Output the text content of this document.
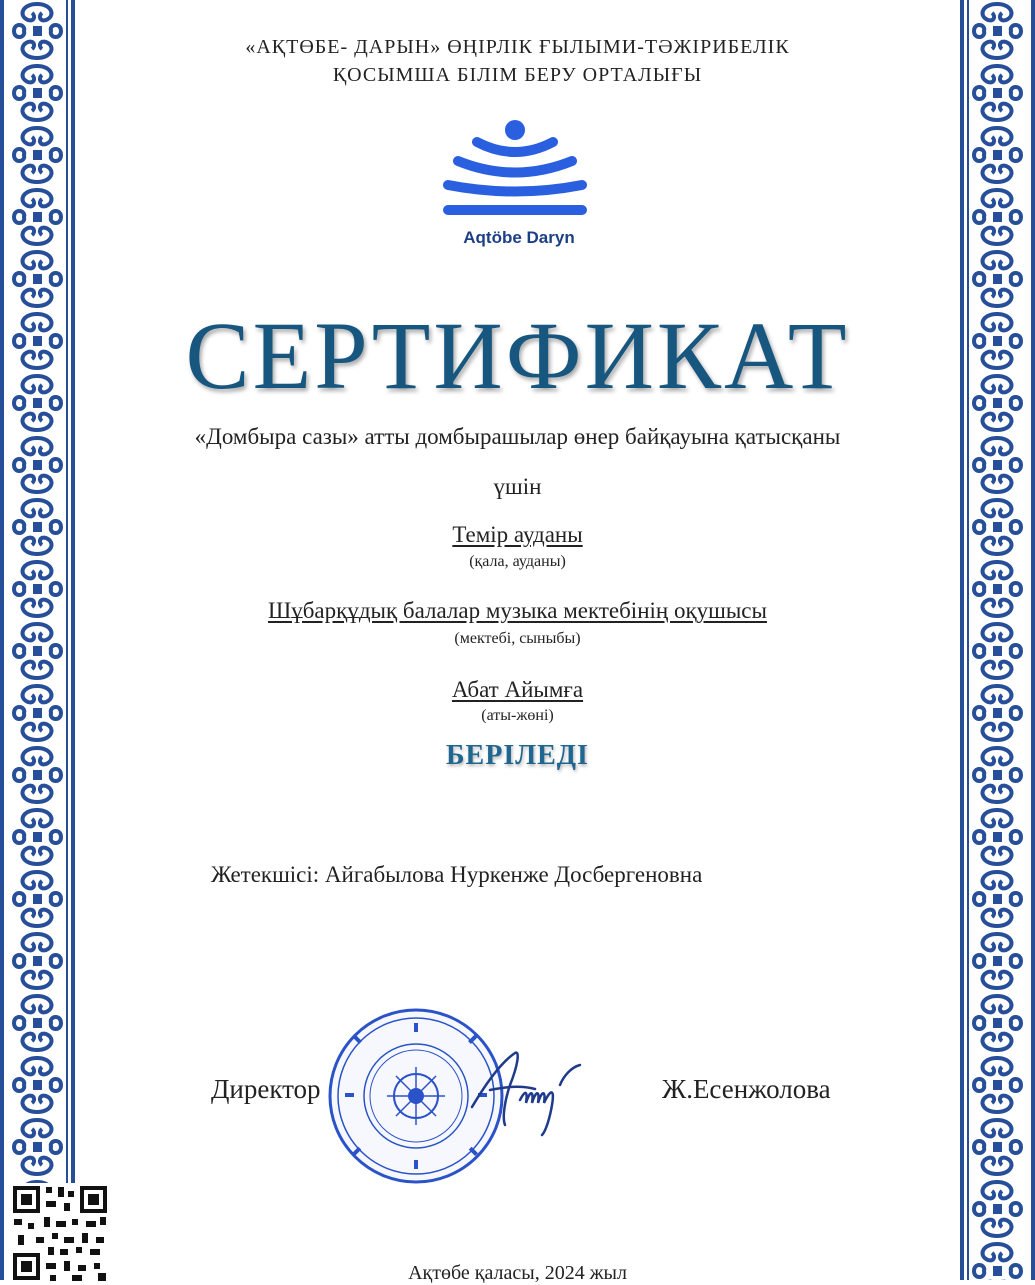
«АҚТӨБЕ- ДАРЫН» ӨҢІРЛІК ҒЫЛЫМИ-ТӘЖІРИБЕЛІК
ҚОСЫМША БІЛІМ БЕРУ ОРТАЛЫҒЫ
Aqtöbe Daryn
СЕРТИФИКАТ
«Домбыра сазы» атты домбырашылар өнер байқауына қатысқаны
үшін
Темір ауданы
(қала, ауданы)
Шұбарқұдық балалар музыка мектебінің оқушысы
(мектебі, сыныбы)
Абат Айымға
(аты-жөні)
БЕРІЛЕДІ
Жетекшісі: Айгабылова Нуркенже Досбергеновна
Директор	Ж.Есенжолова
Ақтөбе қаласы, 2024 жыл
